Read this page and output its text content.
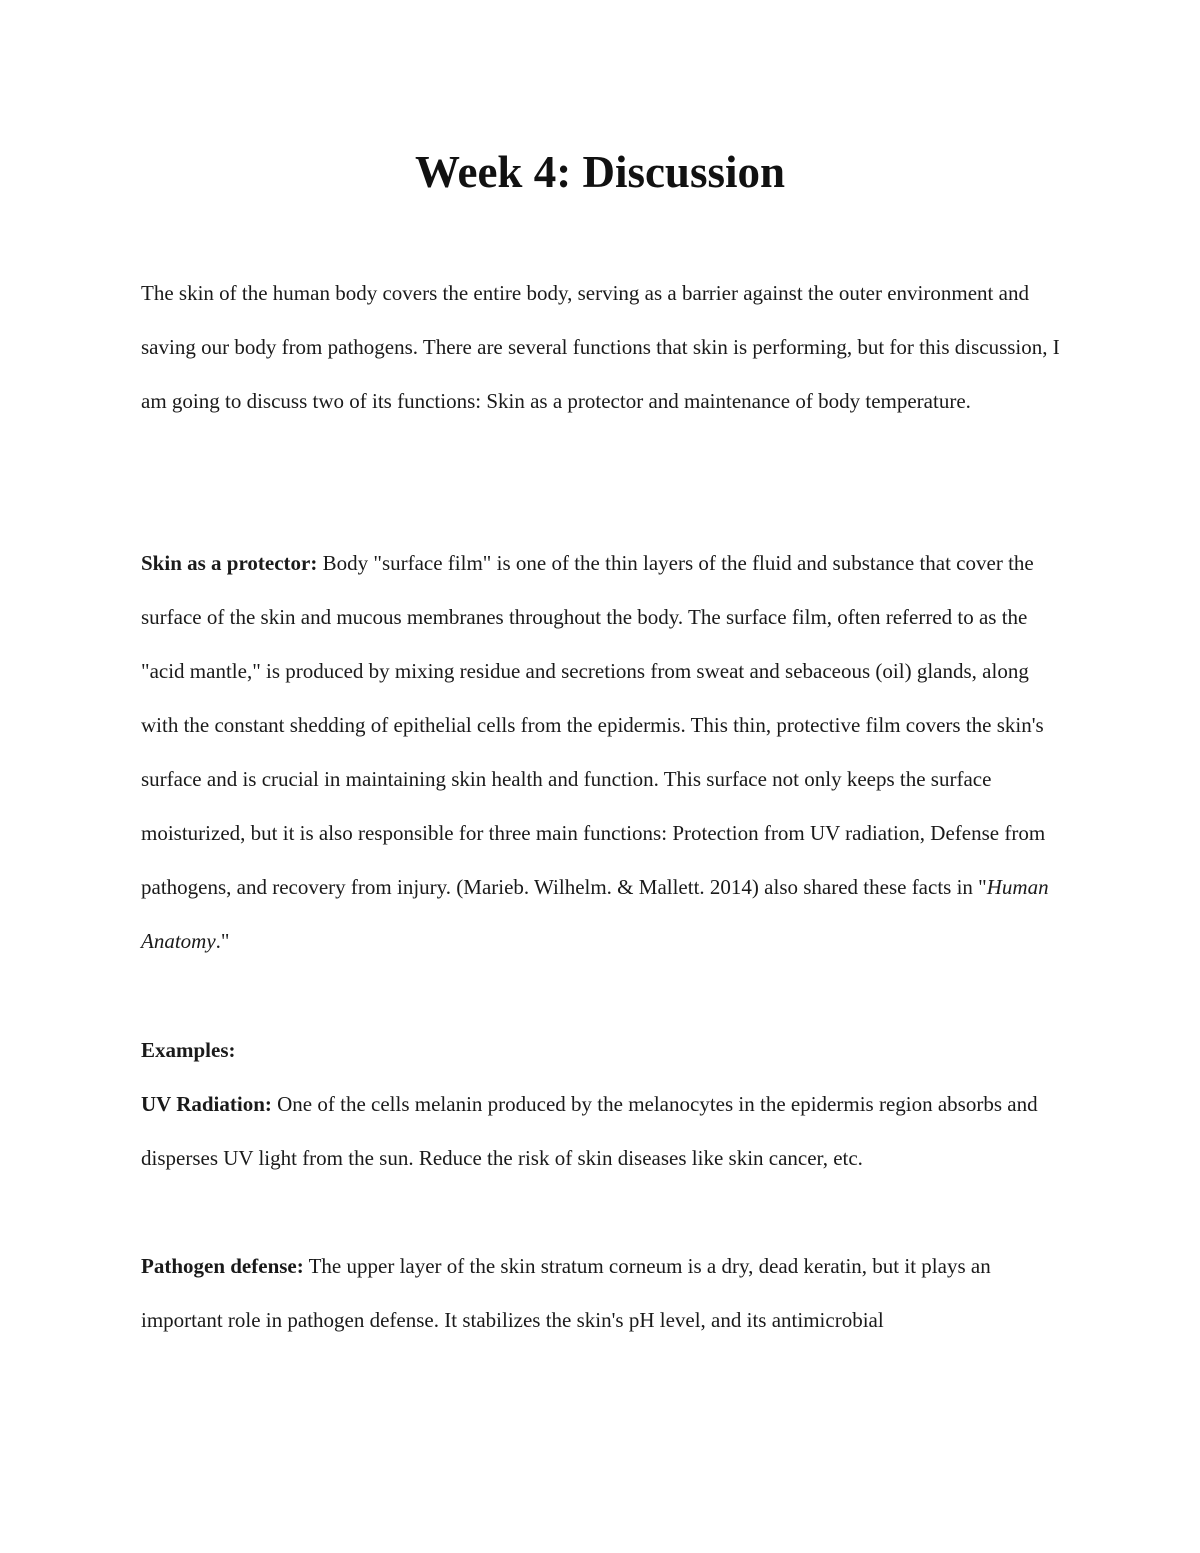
Week 4: Discussion

The skin of the human body covers the entire body, serving as a barrier against the outer environment and saving our body from pathogens. There are several functions that skin is performing, but for this discussion, I am going to discuss two of its functions: Skin as a protector and maintenance of body temperature.

Skin as a protector: Body "surface film" is one of the thin layers of the fluid and substance that cover the surface of the skin and mucous membranes throughout the body. The surface film, often referred to as the "acid mantle," is produced by mixing residue and secretions from sweat and sebaceous (oil) glands, along with the constant shedding of epithelial cells from the epidermis. This thin, protective film covers the skin's surface and is crucial in maintaining skin health and function. This surface not only keeps the surface moisturized, but it is also responsible for three main functions: Protection from UV radiation, Defense from pathogens, and recovery from injury. (Marieb. Wilhelm. & Mallett. 2014) also shared these facts in "Human Anatomy."

Examples:

UV Radiation: One of the cells melanin produced by the melanocytes in the epidermis region absorbs and disperses UV light from the sun. Reduce the risk of skin diseases like skin cancer, etc.

Pathogen defense: The upper layer of the skin stratum corneum is a dry, dead keratin, but it plays an important role in pathogen defense. It stabilizes the skin's pH level, and its antimicrobial
